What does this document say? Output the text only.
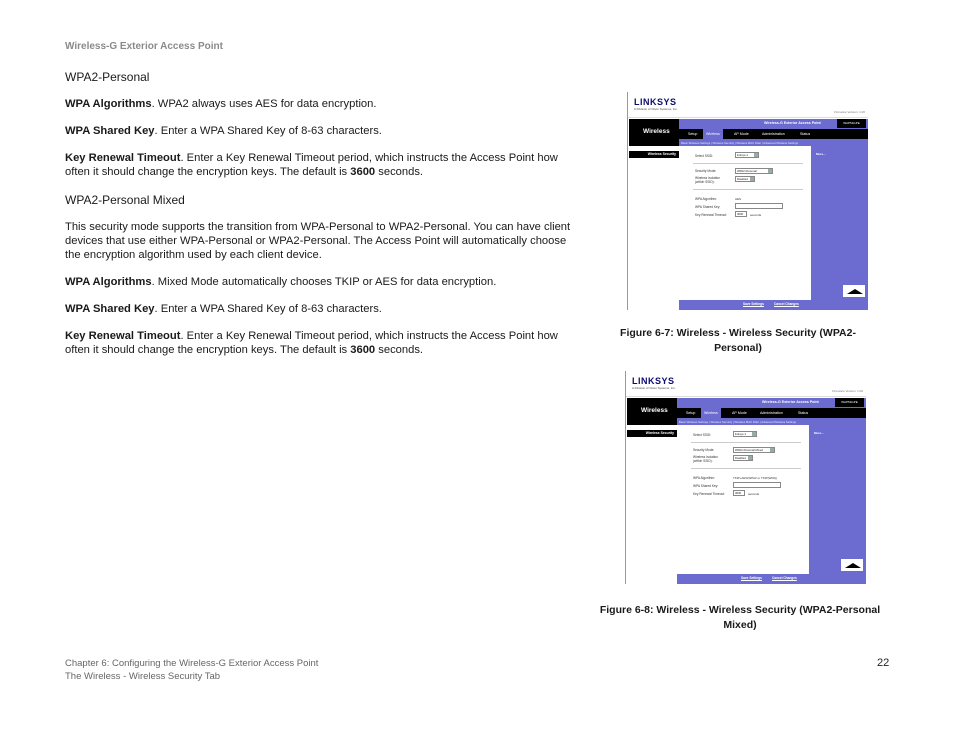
Wireless-G Exterior Access Point
WPA2-Personal

WPA Algorithms. WPA2 always uses AES for data encryption.

WPA Shared Key. Enter a WPA Shared Key of 8-63 characters.

Key Renewal Timeout. Enter a Key Renewal Timeout period, which instructs the Access Point how often it should change the encryption keys. The default is 3600 seconds.

WPA2-Personal Mixed

This security mode supports the transition from WPA-Personal to WPA2-Personal. You can have client devices that use either WPA-Personal or WPA2-Personal. The Access Point will automatically choose the encryption algorithm used by each client device.

WPA Algorithms. Mixed Mode automatically chooses TKIP or AES for data encryption.

WPA Shared Key. Enter a WPA Shared Key of 8-63 characters.

Key Renewal Timeout. Enter a Key Renewal Timeout period, which instructs the Access Point how often it should change the encryption keys. The default is 3600 seconds.

LINKSYS
A Division of Cisco Systems, Inc.
Firmware Version: 1.00
Wireless
Wireless-G Exterior Access Point	WAP54GPE
Setup	Wireless	AP Mode	Administration	Status
Basic Wireless Settings | Wireless Security | Wireless MAC Filter | Advanced Wireless Settings
Wireless Security	Select SSID:	linksys-1
Security Mode:	WPA2-Personal
Wireless Isolation (within SSID):
Disabled
WPA Algorithm:	AES
WPA Shared Key:
Key Renewal Timeout:	3600	seconds
More...
Save Settings	Cancel Changes
Figure 6-7: Wireless - Wireless Security (WPA2-
Personal)
LINKSYS
A Division of Cisco Systems, Inc.
Firmware Version: 1.00
Wireless
Wireless-G Exterior Access Point	WAP54GPE
Setup	Wireless	AP Mode	Administration	Status
Basic Wireless Settings | Wireless Security | Wireless MAC Filter | Advanced Wireless Settings
Wireless Security	Select SSID:	linksys-1
Security Mode:	WPA2-Personal Mixed
Wireless Isolation (within SSID):
Disabled
WPA Algorithm:	TKIP+AES(WPA2 or TKIP(WPA))
WPA Shared Key:
Key Renewal Timeout:	3600	seconds
More...
Save Settings	Cancel Changes
Figure 6-8: Wireless - Wireless Security (WPA2-Personal
Mixed)
Chapter 6: Configuring the Wireless-G Exterior Access Point
The Wireless - Wireless Security Tab
22
